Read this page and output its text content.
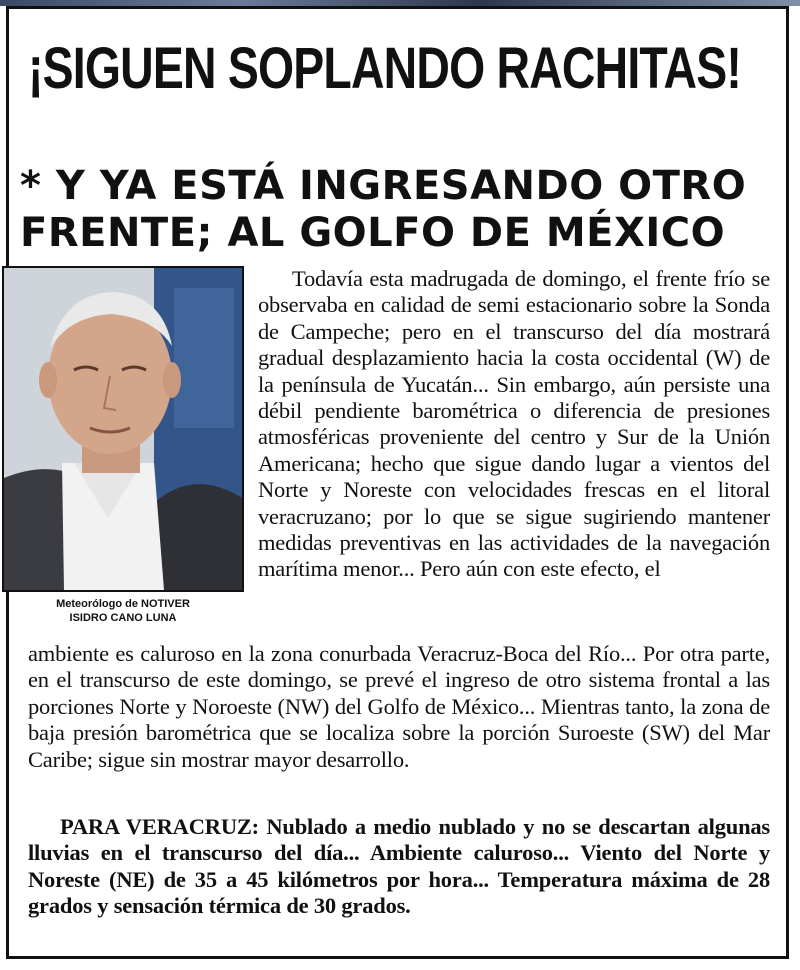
¡SIGUEN SOPLANDO RACHITAS!
* Y YA ESTÁ INGRESANDO OTRO FRENTE; AL GOLFO DE MÉXICO
Meteorólogo de NOTIVER
ISIDRO CANO LUNA

Todavía esta madrugada de domingo, el frente frío se observaba en calidad de semi estacionario sobre la Sonda de Campeche; pero en el transcurso del día mostrará gradual desplazamiento hacia la costa occidental (W) de la península de Yucatán... Sin embargo, aún persiste una débil pendiente barométrica o diferencia de presiones atmosféricas proveniente del centro y Sur de la Unión Americana; hecho que sigue dando lugar a vientos del Norte y Noreste con velocidades frescas en el litoral veracruzano; por lo que se sigue sugiriendo mantener medidas preventivas en las actividades de la navegación marítima menor... Pero aún con este efecto, el

ambiente es caluroso en la zona conurbada Veracruz-Boca del Río... Por otra parte, en el transcurso de este domingo, se prevé el ingreso de otro sistema frontal a las porciones Norte y Noroeste (NW) del Golfo de México... Mientras tanto, la zona de baja presión barométrica que se localiza sobre la porción Suroeste (SW) del Mar Caribe; sigue sin mostrar mayor desarrollo.

PARA VERACRUZ: Nublado a medio nublado y no se descartan algunas lluvias en el transcurso del día... Ambiente caluroso... Viento del Norte y Noreste (NE) de 35 a 45 kilómetros por hora... Temperatura máxima de 28 grados y sensación térmica de 30 grados.
